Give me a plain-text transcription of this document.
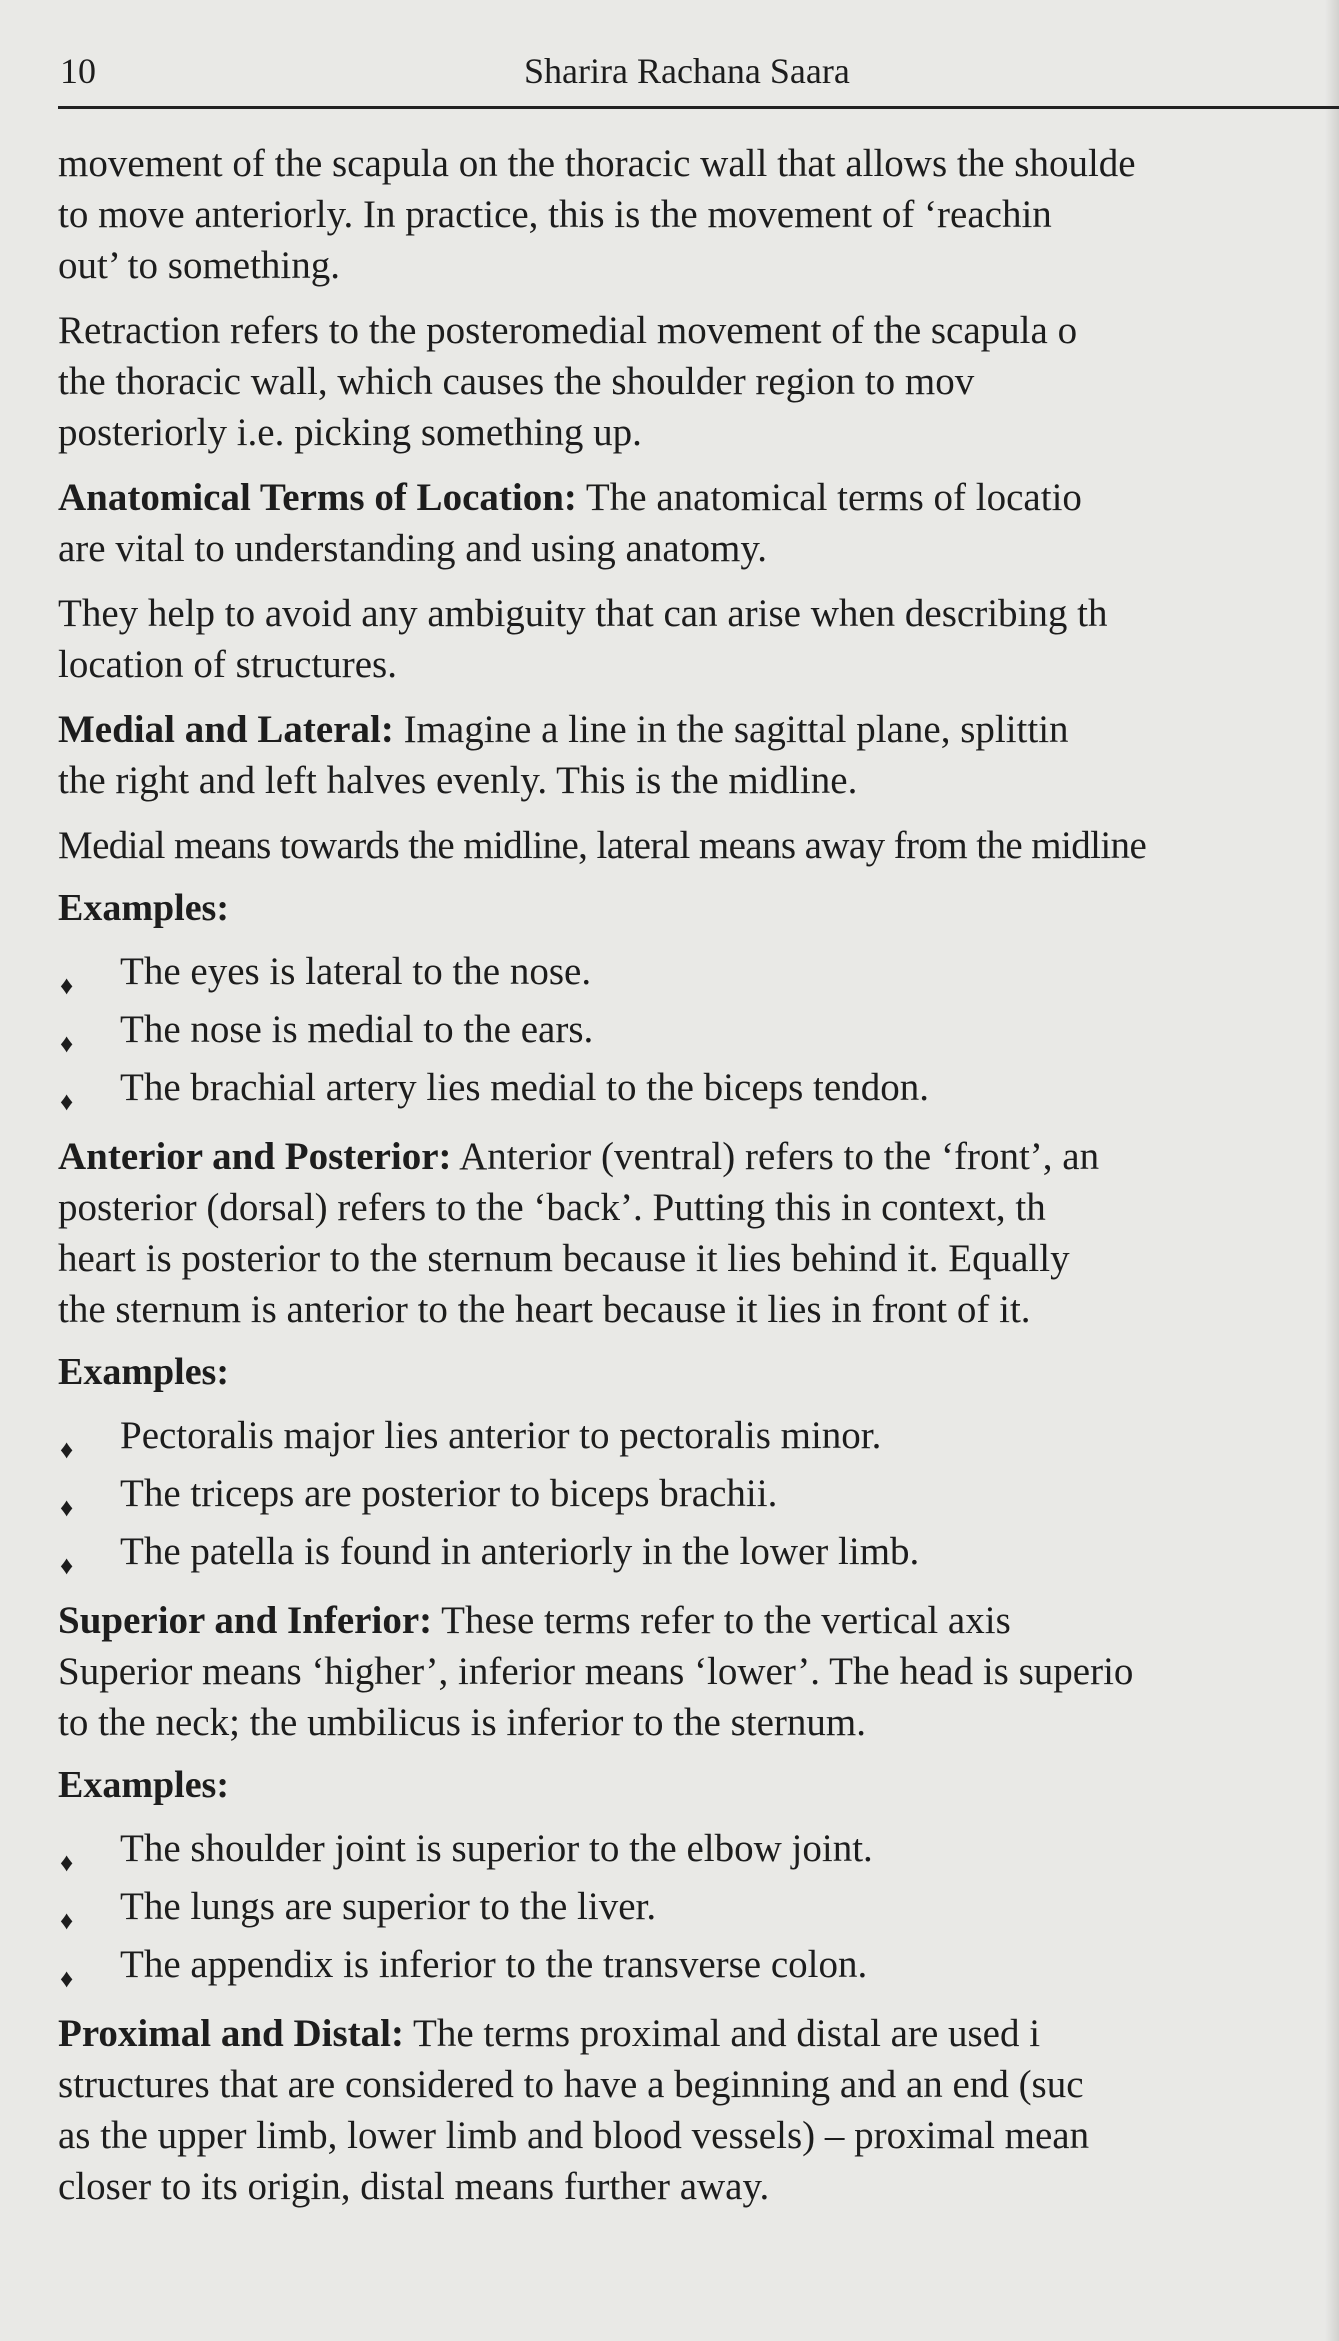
10	Sharira Rachana Saara

movement of the scapula on the thoracic wall that allows the shoulde

to move anteriorly. In practice, this is the movement of ‘reachin

out’ to something.

Retraction refers to the posteromedial movement of the scapula o

the thoracic wall, which causes the shoulder region to mov

posteriorly i.e. picking something up.

Anatomical Terms of Location: The anatomical terms of locatio

are vital to understanding and using anatomy.

They help to avoid any ambiguity that can arise when describing th

location of structures.

Medial and Lateral: Imagine a line in the sagittal plane, splittin

the right and left halves evenly. This is the midline.

Medial means towards the midline, lateral means away from the midline

Examples:
♦ The eyes is lateral to the nose.
♦ The nose is medial to the ears.
♦ The brachial artery lies medial to the biceps tendon.

Anterior and Posterior: Anterior (ventral) refers to the ‘front’, an

posterior (dorsal) refers to the ‘back’. Putting this in context, th

heart is posterior to the sternum because it lies behind it. Equally

the sternum is anterior to the heart because it lies in front of it.

Examples:
♦ Pectoralis major lies anterior to pectoralis minor.
♦ The triceps are posterior to biceps brachii.
♦ The patella is found in anteriorly in the lower limb.

Superior and Inferior: These terms refer to the vertical axis

Superior means ‘higher’, inferior means ‘lower’. The head is superio

to the neck; the umbilicus is inferior to the sternum.

Examples:
♦ The shoulder joint is superior to the elbow joint.
♦ The lungs are superior to the liver.
♦ The appendix is inferior to the transverse colon.

Proximal and Distal: The terms proximal and distal are used i

structures that are considered to have a beginning and an end (suc

as the upper limb, lower limb and blood vessels) – proximal mean

closer to its origin, distal means further away.
